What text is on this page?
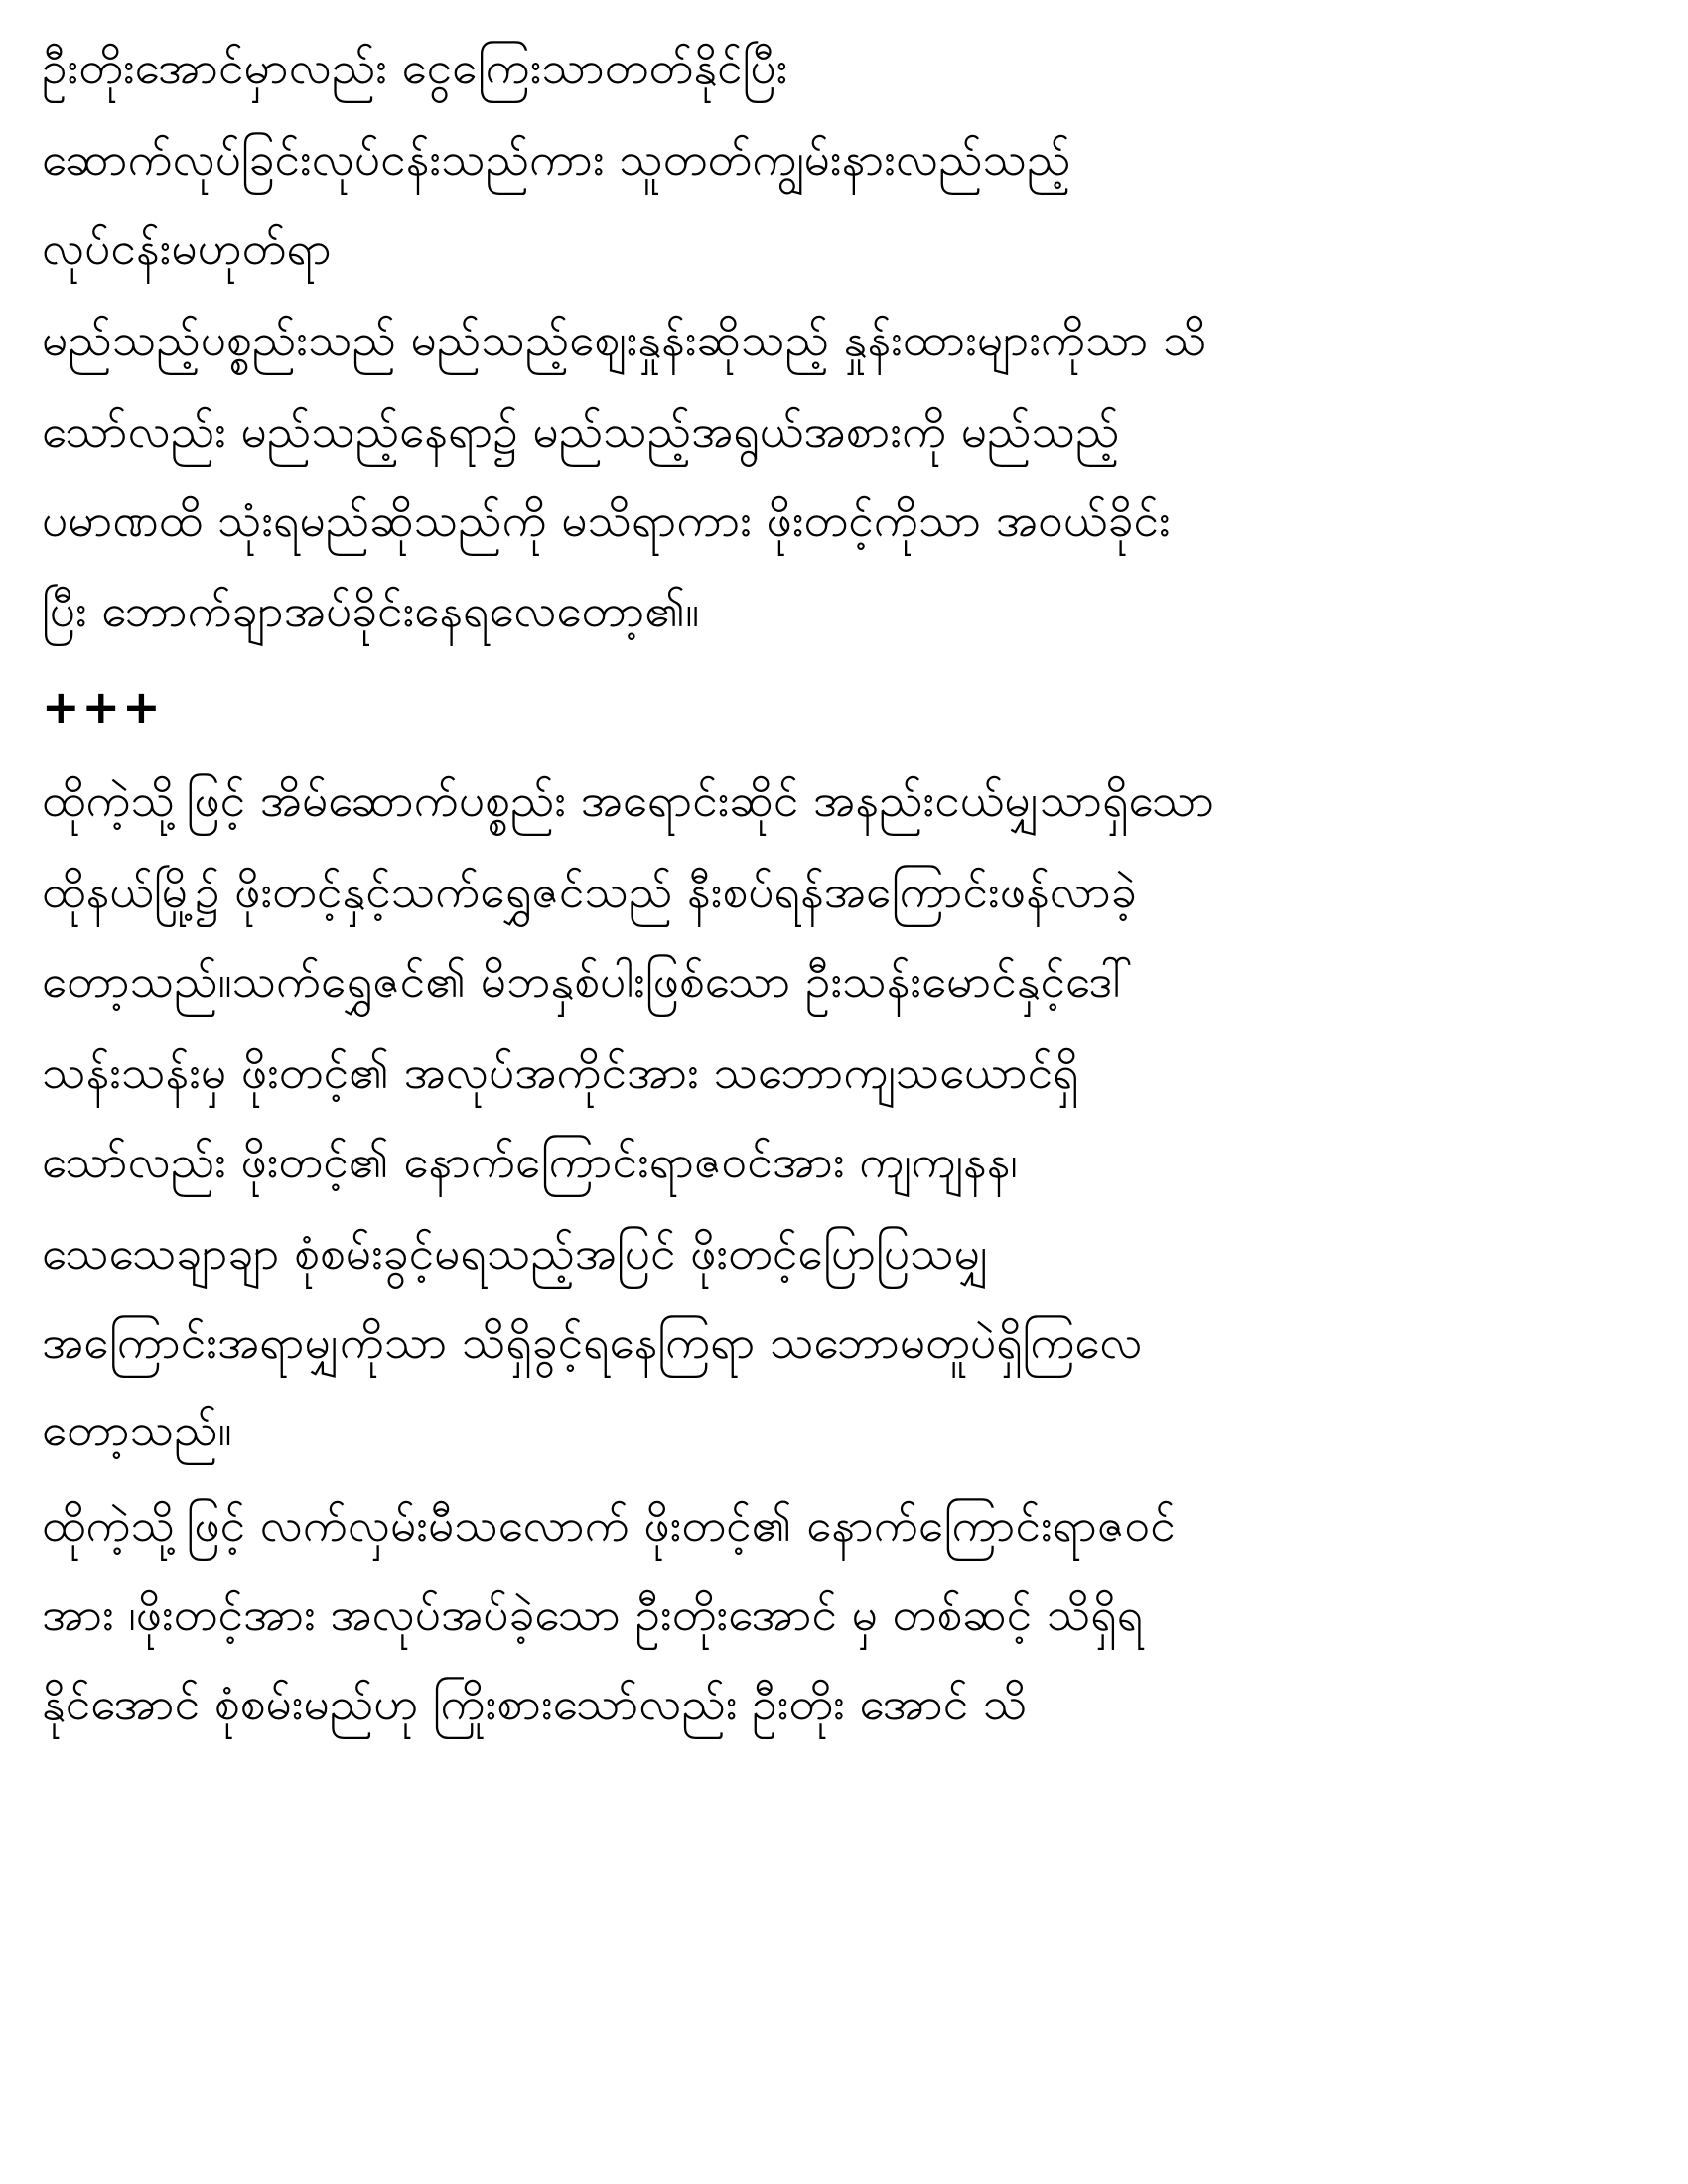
ဦးတိုးအောင်မှာလည်း ငွေကြေးသာတတ်နိုင်ပြီး
ဆောက်လုပ်ခြင်းလုပ်ငန်းသည်ကား သူတတ်ကျွမ်းနားလည်သည့်
လုပ်ငန်းမဟုတ်ရာ
မည်သည့်ပစ္စည်းသည် မည်သည့်ဈေးနှုန်းဆိုသည့် နှုန်းထားများကိုသာ သိ
သော်လည်း မည်သည့်နေရာ၌ မည်သည့်အရွယ်အစားကို မည်သည့်
ပမာဏထိ သုံးရမည်ဆိုသည်ကို မသိရာကား ဖိုးတင့်ကိုသာ အ၀ယ်ခိုင်း
ပြီး ဘောက်ချာအပ်ခိုင်းနေရလေတော့၏။
+++
ထိုကဲ့သို့ဖြင့် အိမ်ဆောက်ပစ္စည်း အရောင်းဆိုင် အနည်းငယ်မျှသာရှိသော
ထိုနယ်မြို့၌ ဖိုးတင့်နှင့်သက်ရွှေဇင်သည် နီးစပ်ရန်အကြောင်းဖန်လာခဲ့
တော့သည်။သက်ရွှေဇင်၏ မိဘနှစ်ပါးဖြစ်သော ဦးသန်းမောင်နှင့်ဒေါ်
သန်းသန်းမှ ဖိုးတင့်၏ အလုပ်အကိုင်အား သဘောကျသယောင်ရှိ
သော်လည်း ဖိုးတင့်၏ နောက်ကြောင်းရာဇ၀င်အား ကျကျနန၊
သေသေချာချာ စုံစမ်းခွင့်မရသည့်အပြင် ဖိုးတင့်ပြောပြသမျှ
အကြောင်းအရာမျှကိုသာ သိရှိခွင့်ရနေကြရာ သဘောမတူပဲရှိကြလေ
တော့သည်။
ထိုကဲ့သို့ဖြင့် လက်လှမ်းမီသလောက် ဖိုးတင့်၏ နောက်ကြောင်းရာဇ၀င်
အား ၊ဖိုးတင့်အား အလုပ်အပ်ခဲ့သော ဦးတိုးအောင် မှ တစ်ဆင့် သိရှိရ
နိုင်အောင် စုံစမ်းမည်ဟု ကြိုးစားသော်လည်း ဦးတိုး အောင် သိ
